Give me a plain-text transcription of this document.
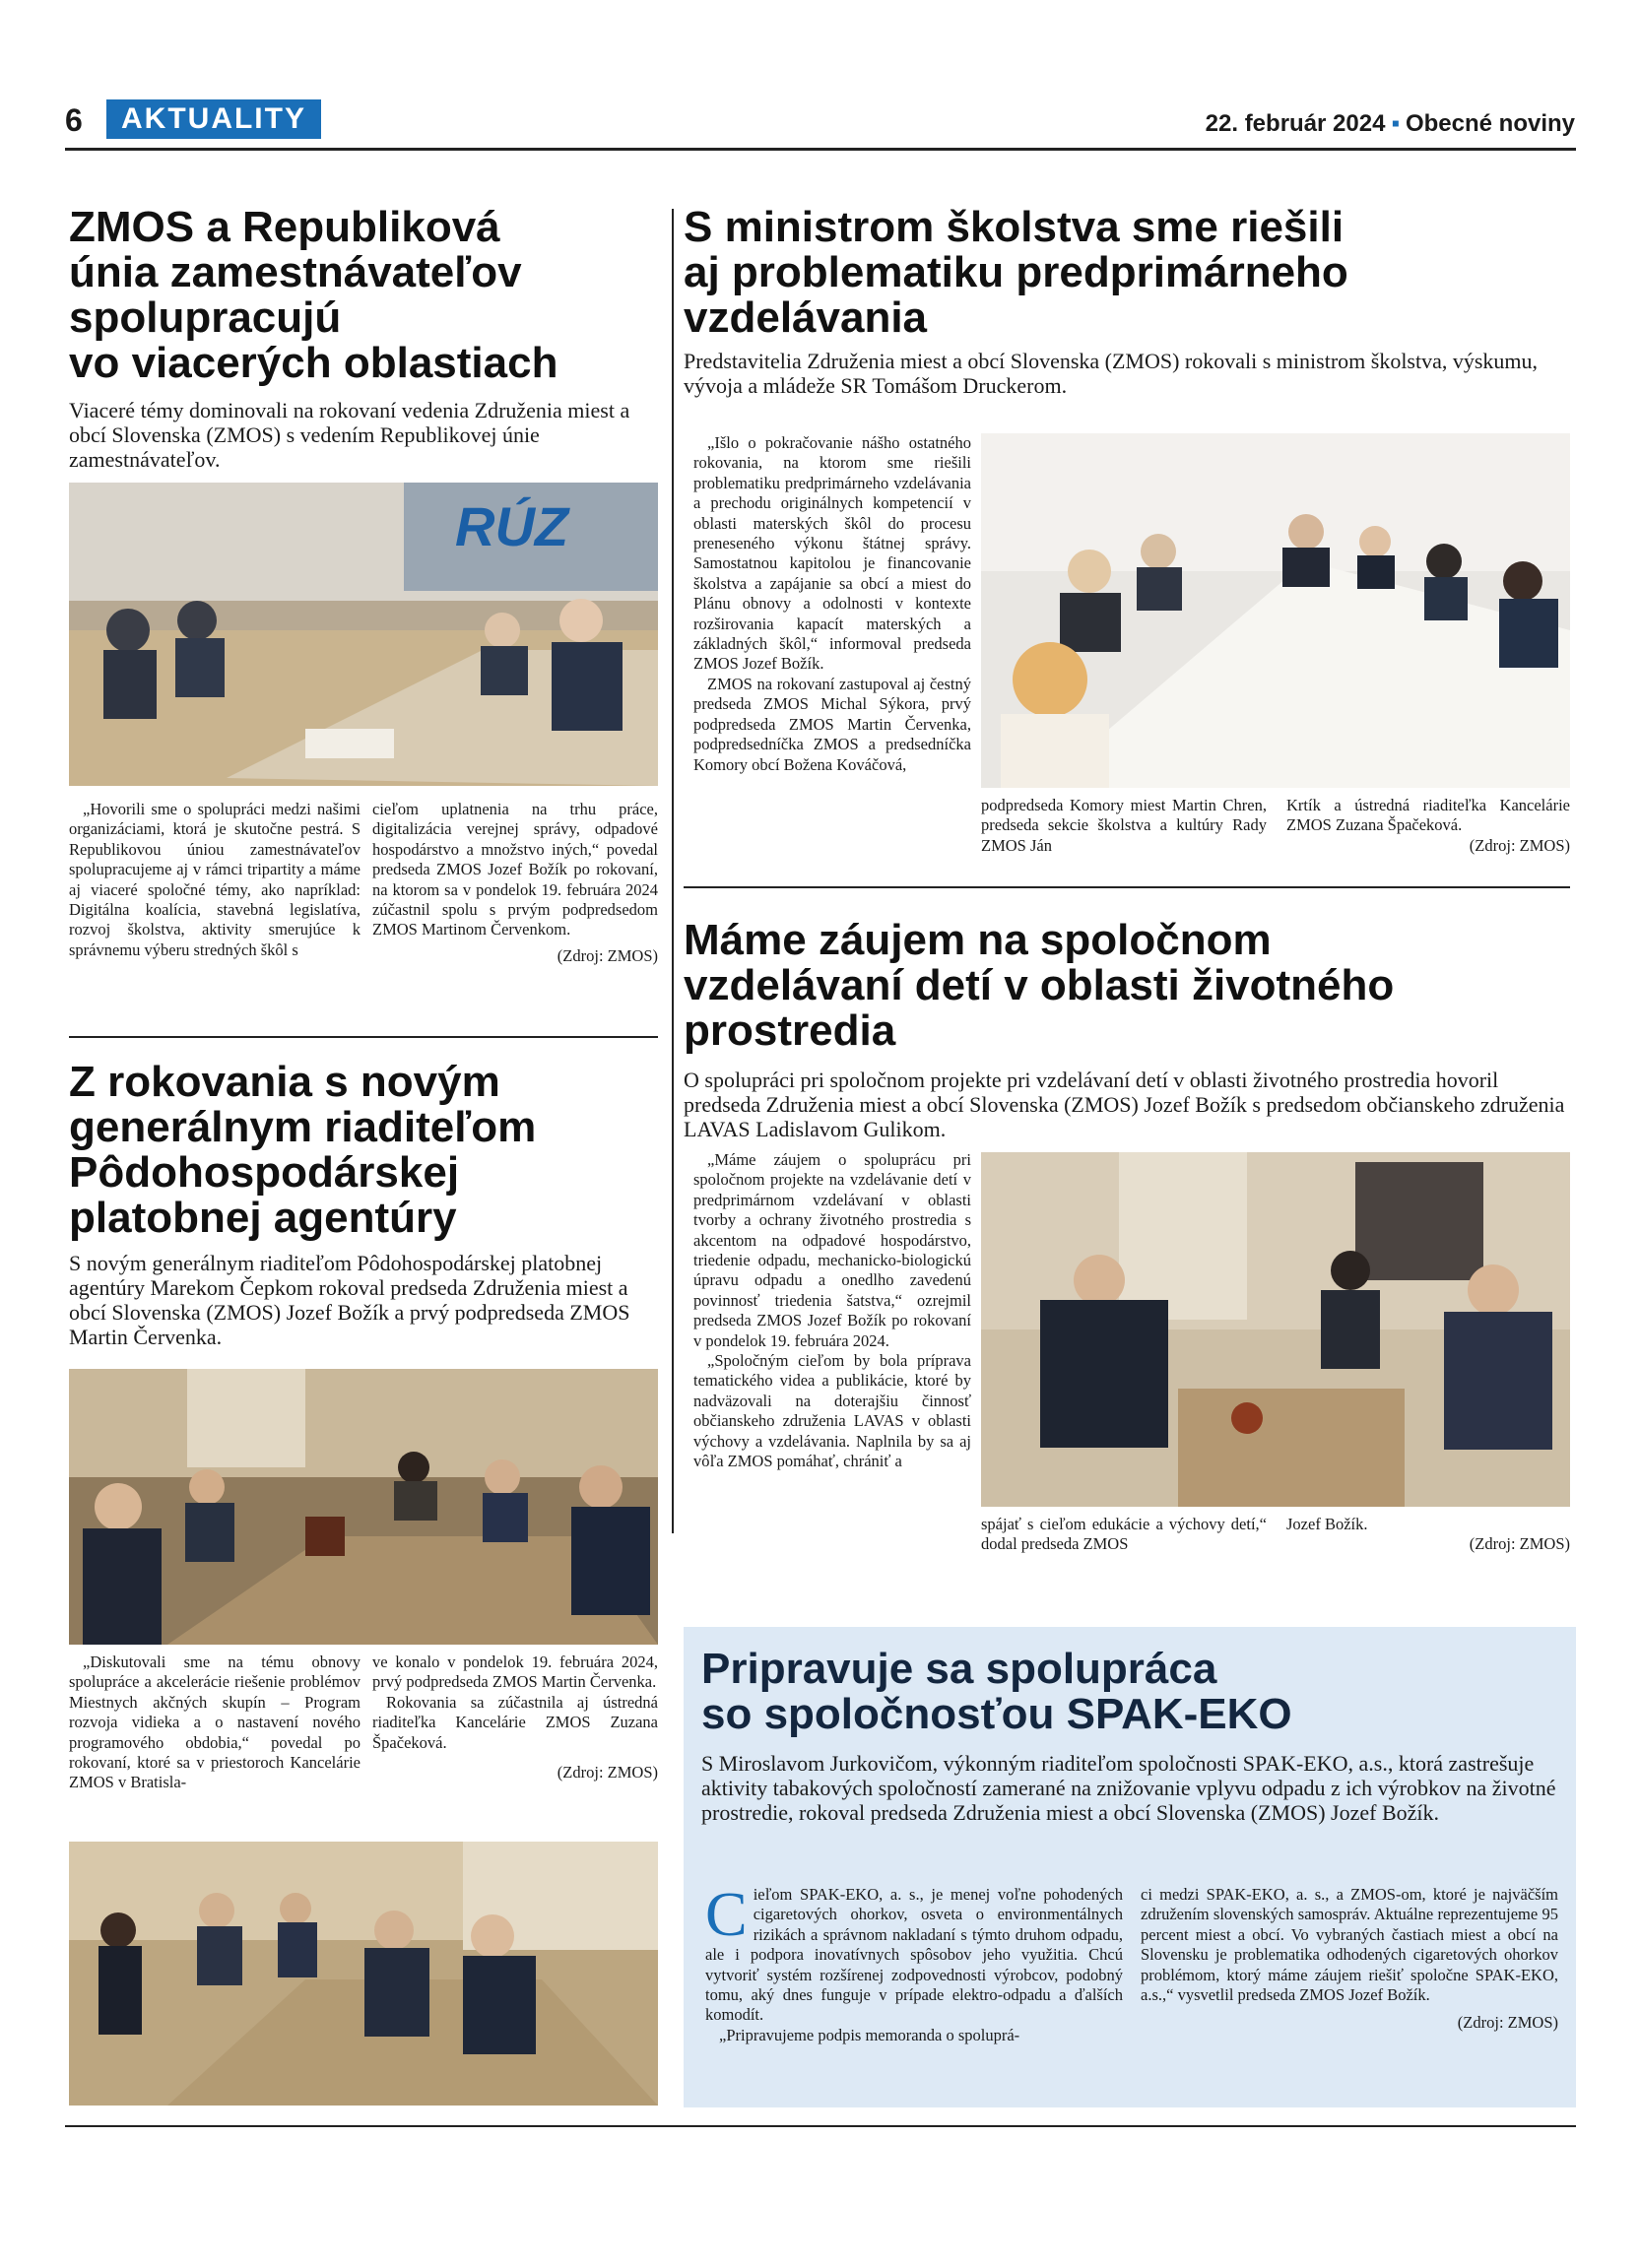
6	AKTUALITY	22. február 2024 ▪ Obecné noviny
ZMOS a Republiková
únia zamestnávateľov
spolupracujú
vo viacerých oblastiach

Viaceré témy dominovali na rokovaní vedenia Združenia miest a obcí Slovenska (ZMOS) s vedením Republikovej únie zamestnávateľov.

RÚZ

„Hovorili sme o spolupráci medzi našimi organizáciami, ktorá je skutočne pestrá. S Republikovou úniou zamestnávateľov spolupracujeme aj v rámci tripartity a máme aj viaceré spoločné témy, ako napríklad: Digitálna koalícia, stavebná legislatíva, rozvoj školstva, aktivity smerujúce k správnemu výberu stredných škôl s

cieľom uplatnenia na trhu práce, digitalizácia verejnej správy, odpadové hospodárstvo a množstvo iných,“ povedal predseda ZMOS Jozef Božík po rokovaní, na ktorom sa v pondelok 19. februára 2024 zúčastnil spolu s prvým podpredsedom ZMOS Martinom Červenkom.

(Zdroj: ZMOS)
S ministrom školstva sme riešili
aj problematiku predprimárneho
vzdelávania

Predstavitelia Združenia miest a obcí Slovenska (ZMOS) rokovali s ministrom školstva, výskumu, vývoja a mládeže SR Tomášom Druckerom.

„Išlo o pokračovanie nášho ostatného rokovania, na ktorom sme riešili problematiku predprimárneho vzdelávania a prechodu originálnych kompetencií v oblasti materských škôl do procesu preneseného výkonu štátnej správy. Samostatnou kapitolou je financovanie školstva a zapájanie sa obcí a miest do Plánu obnovy a odolnosti v kontexte rozširovania kapacít materských a základných škôl,“ informoval predseda ZMOS Jozef Božík.

ZMOS na rokovaní zastupoval aj čestný predseda ZMOS Michal Sýkora, prvý podpredseda ZMOS Martin Červenka, podpredsedníčka ZMOS a predsedníčka Komory obcí Božena Kováčová,

podpredseda Komory miest Martin Chren, predseda sekcie školstva a kultúry Rady ZMOS Ján

Krtík a ústredná riaditeľka Kancelárie ZMOS Zuzana Špačeková.

(Zdroj: ZMOS)
Máme záujem na spoločnom
vzdelávaní detí v oblasti životného
prostredia

O spolupráci pri spoločnom projekte pri vzdelávaní detí v oblasti životného prostredia hovoril predseda Združenia miest a obcí Slovenska (ZMOS) Jozef Božík s predsedom občianskeho združenia LAVAS Ladislavom Gulikom.

„Máme záujem o spoluprácu pri spoločnom projekte na vzdelávanie detí v predprimárnom vzdelávaní v oblasti tvorby a ochrany životného prostredia s akcentom na odpadové hospodárstvo, triedenie odpadu, mechanicko-biologickú úpravu odpadu a onedlho zavedenú povinnosť triedenia šatstva,“ ozrejmil predseda ZMOS Jozef Božík po rokovaní v pondelok 19. februára 2024.

„Spoločným cieľom by bola príprava tematického videa a publikácie, ktoré by nadväzovali na doterajšiu činnosť občianskeho združenia LAVAS v oblasti výchovy a vzdelávania. Naplnila by sa aj vôľa ZMOS pomáhať, chrániť a

spájať s cieľom edukácie a výchovy detí,“ dodal predseda ZMOS

Jozef Božík.

(Zdroj: ZMOS)
Z rokovania s novým
generálnym riaditeľom
Pôdohospodárskej
platobnej agentúry

S novým generálnym riaditeľom Pôdohospodárskej platobnej agentúry Marekom Čepkom rokoval predseda Združenia miest a obcí Slovenska (ZMOS) Jozef Božík a prvý podpredseda ZMOS Martin Červenka.

„Diskutovali sme na tému obnovy spolupráce a akcelerácie riešenie problémov Miestnych akčných skupín – Program rozvoja vidieka a o nastavení nového programového obdobia,“ povedal po rokovaní, ktoré sa v priestoroch Kancelárie ZMOS v Bratisla-

ve konalo v pondelok 19. februára 2024, prvý podpredseda ZMOS Martin Červenka.

Rokovania sa zúčastnila aj ústredná riaditeľka Kancelárie ZMOS Zuzana Špačeková.

(Zdroj: ZMOS)
Pripravuje sa spolupráca
so spoločnosťou SPAK-EKO

S Miroslavom Jurkovičom, výkonným riaditeľom spoločnosti SPAK-EKO, a.s., ktorá zastrešuje aktivity tabakových spoločností zamerané na znižovanie vplyvu odpadu z ich výrobkov na životné prostredie, rokoval predseda Združenia miest a obcí Slovenska (ZMOS) Jozef Božík.

Cieľom SPAK-EKO, a. s., je menej voľne pohodených cigaretových ohorkov, osveta o environmentálnych rizikách a správnom nakladaní s týmto druhom odpadu, ale i podpora inovatívnych spôsobov jeho využitia. Chcú vytvoriť systém rozšírenej zodpovednosti výrobcov, podobný tomu, aký dnes funguje v prípade elektro-odpadu a ďalších komodít.

„Pripravujeme podpis memoranda o spoluprá-

ci medzi SPAK-EKO, a. s., a ZMOS-om, ktoré je najväčším združením slovenských samospráv. Aktuálne reprezentujeme 95 percent miest a obcí. Vo vybraných častiach miest a obcí na Slovensku je problematika odhodených cigaretových ohorkov problémom, ktorý máme záujem riešiť spoločne SPAK-EKO, a.s.,“ vysvetlil predseda ZMOS Jozef Božík.

(Zdroj: ZMOS)
